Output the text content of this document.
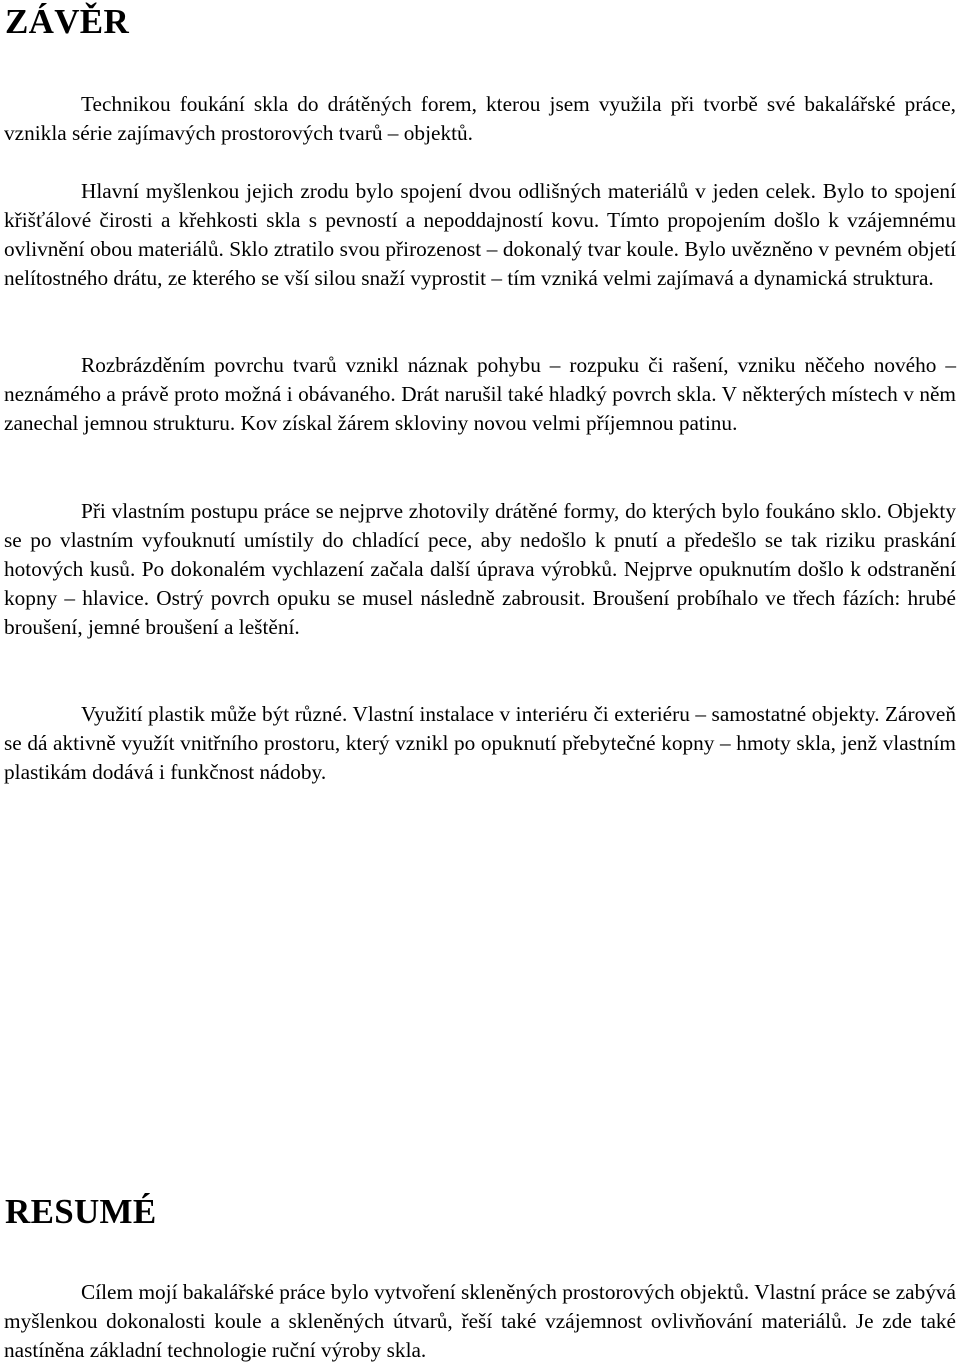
ZÁVĚR

Technikou foukání skla do drátěných forem, kterou jsem využila při tvorbě své bakalářské práce, vznikla série zajímavých prostorových tvarů – objektů.

Hlavní myšlenkou jejich zrodu bylo spojení dvou odlišných materiálů v jeden celek. Bylo to spojení křišťálové čirosti a křehkosti skla s pevností a nepoddajností kovu. Tímto propojením došlo k vzájemnému ovlivnění obou materiálů. Sklo ztratilo svou přirozenost – dokonalý tvar koule. Bylo uvězněno v pevném objetí nelítostného drátu, ze kterého se vší silou snaží vyprostit – tím vzniká velmi zajímavá a dynamická struktura.

Rozbrázděním povrchu tvarů vznikl náznak pohybu – rozpuku či rašení, vzniku něčeho nového – neznámého a právě proto možná i obávaného. Drát narušil také hladký povrch skla. V některých místech v něm zanechal jemnou strukturu. Kov získal žárem skloviny novou velmi příjemnou patinu.

Při vlastním postupu práce se nejprve zhotovily drátěné formy, do kterých bylo foukáno sklo. Objekty se po vlastním vyfouknutí umístily do chladící pece, aby nedošlo k pnutí a předešlo se tak riziku praskání hotových kusů. Po dokonalém vychlazení začala další úprava výrobků. Nejprve opuknutím došlo k odstranění kopny – hlavice. Ostrý povrch opuku se musel následně zabrousit. Broušení probíhalo ve třech fázích: hrubé broušení, jemné broušení a leštění.

Využití plastik může být různé. Vlastní instalace v interiéru či exteriéru – samostatné objekty. Zároveň se dá aktivně využít vnitřního prostoru, který vznikl po opuknutí přebytečné kopny – hmoty skla, jenž vlastním plastikám dodává i funkčnost nádoby.

RESUMÉ

Cílem mojí bakalářské práce bylo vytvoření skleněných prostorových objektů. Vlastní práce se zabývá myšlenkou dokonalosti koule a skleněných útvarů, řeší také vzájemnost ovlivňování materiálů. Je zde také nastíněna základní technologie ruční výroby skla.
